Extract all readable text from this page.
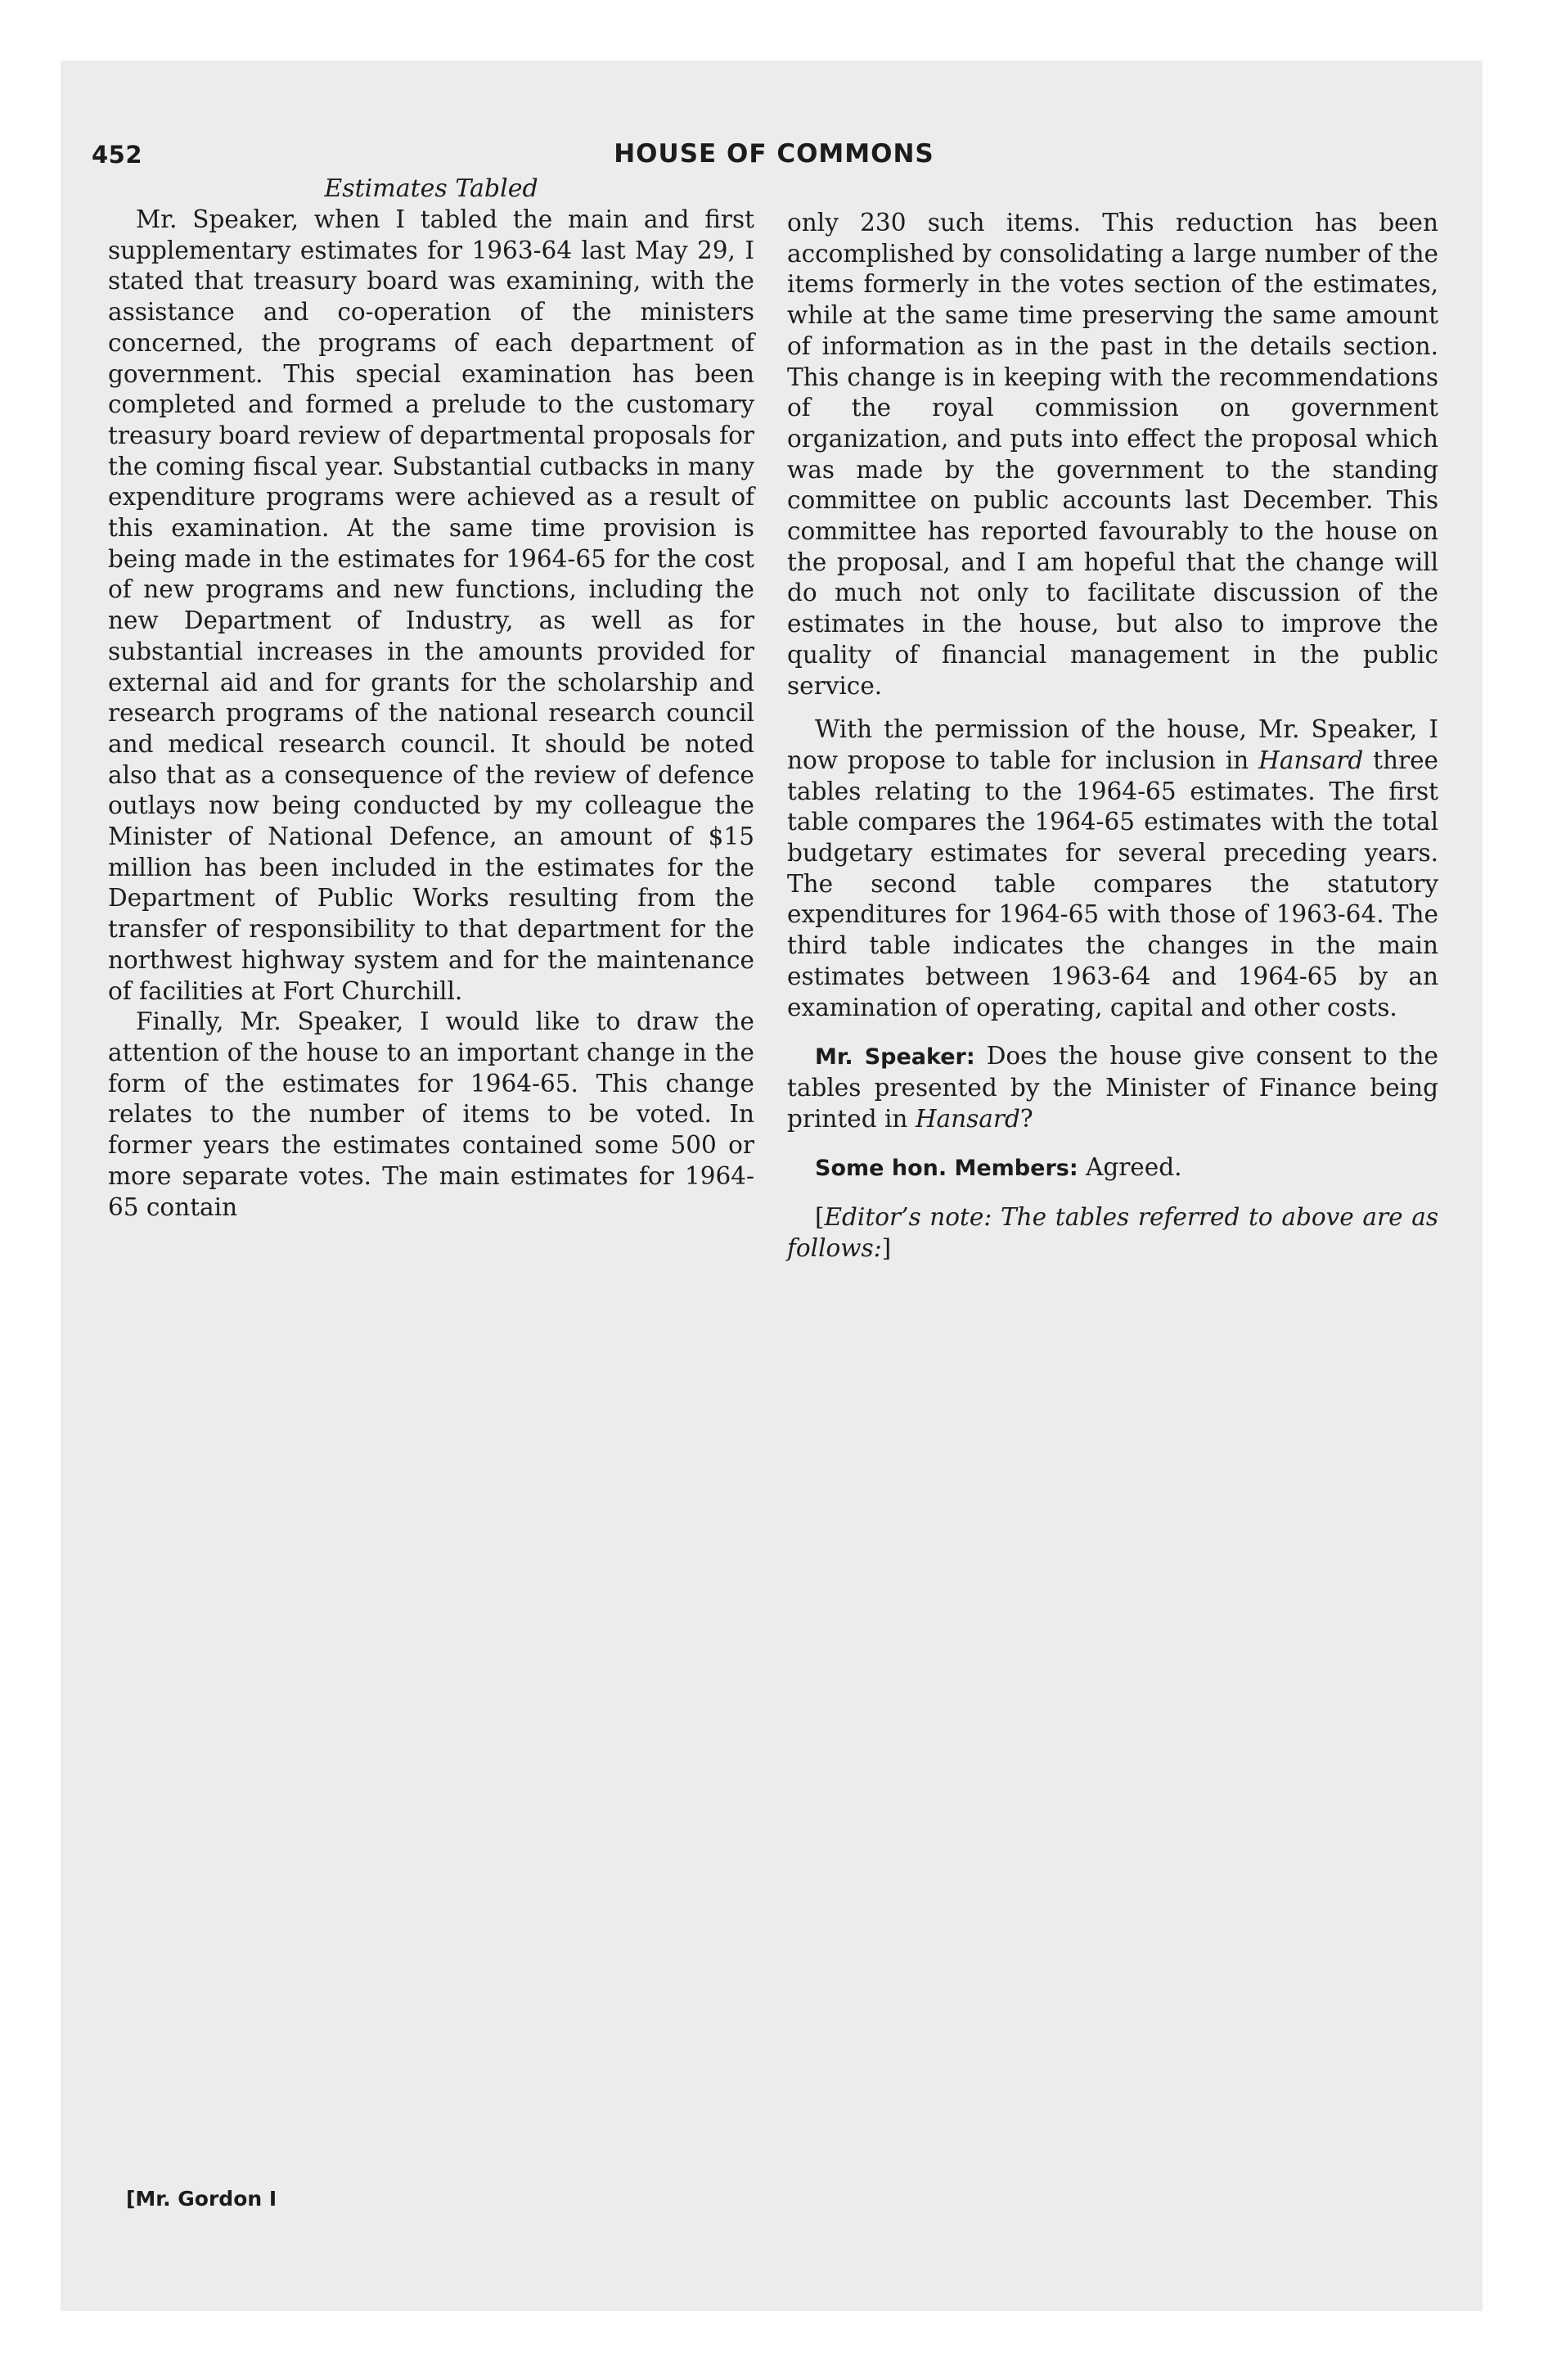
452	HOUSE OF COMMONS

Estimates Tabled

Mr. Speaker, when I tabled the main and first supplementary estimates for 1963-64 last May 29, I stated that treasury board was examining, with the assistance and co-operation of the ministers concerned, the programs of each department of government. This special examination has been completed and formed a prelude to the customary treasury board review of departmental proposals for the coming fiscal year. Substantial cutbacks in many expenditure programs were achieved as a result of this examination. At the same time provision is being made in the estimates for 1964-65 for the cost of new programs and new functions, including the new Department of Industry, as well as for substantial increases in the amounts provided for external aid and for grants for the scholarship and research programs of the national research council and medical research council. It should be noted also that as a consequence of the review of defence outlays now being conducted by my colleague the Minister of National Defence, an amount of $15 million has been included in the estimates for the Department of Public Works resulting from the transfer of responsibility to that department for the northwest highway system and for the maintenance of facilities at Fort Churchill.

Finally, Mr. Speaker, I would like to draw the attention of the house to an important change in the form of the estimates for 1964-65. This change relates to the number of items to be voted. In former years the estimates contained some 500 or more separate votes. The main estimates for 1964-65 contain

only 230 such items. This reduction has been accomplished by consolidating a large number of the items formerly in the votes section of the estimates, while at the same time preserving the same amount of information as in the past in the details section. This change is in keeping with the recommendations of the royal commission on government organization, and puts into effect the proposal which was made by the government to the standing committee on public accounts last December. This committee has reported favourably to the house on the proposal, and I am hopeful that the change will do much not only to facilitate discussion of the estimates in the house, but also to improve the quality of financial management in the public service.

With the permission of the house, Mr. Speaker, I now propose to table for inclusion in Hansard three tables relating to the 1964-65 estimates. The first table compares the 1964-65 estimates with the total budgetary estimates for several preceding years. The second table compares the statutory expenditures for 1964-65 with those of 1963-64. The third table indicates the changes in the main estimates between 1963-64 and 1964-65 by an examination of operating, capital and other costs.

Mr. Speaker: Does the house give consent to the tables presented by the Minister of Finance being printed in Hansard?

Some hon. Members: Agreed.

[Editor’s note: The tables referred to above are as follows:]

[Mr. Gordon I
